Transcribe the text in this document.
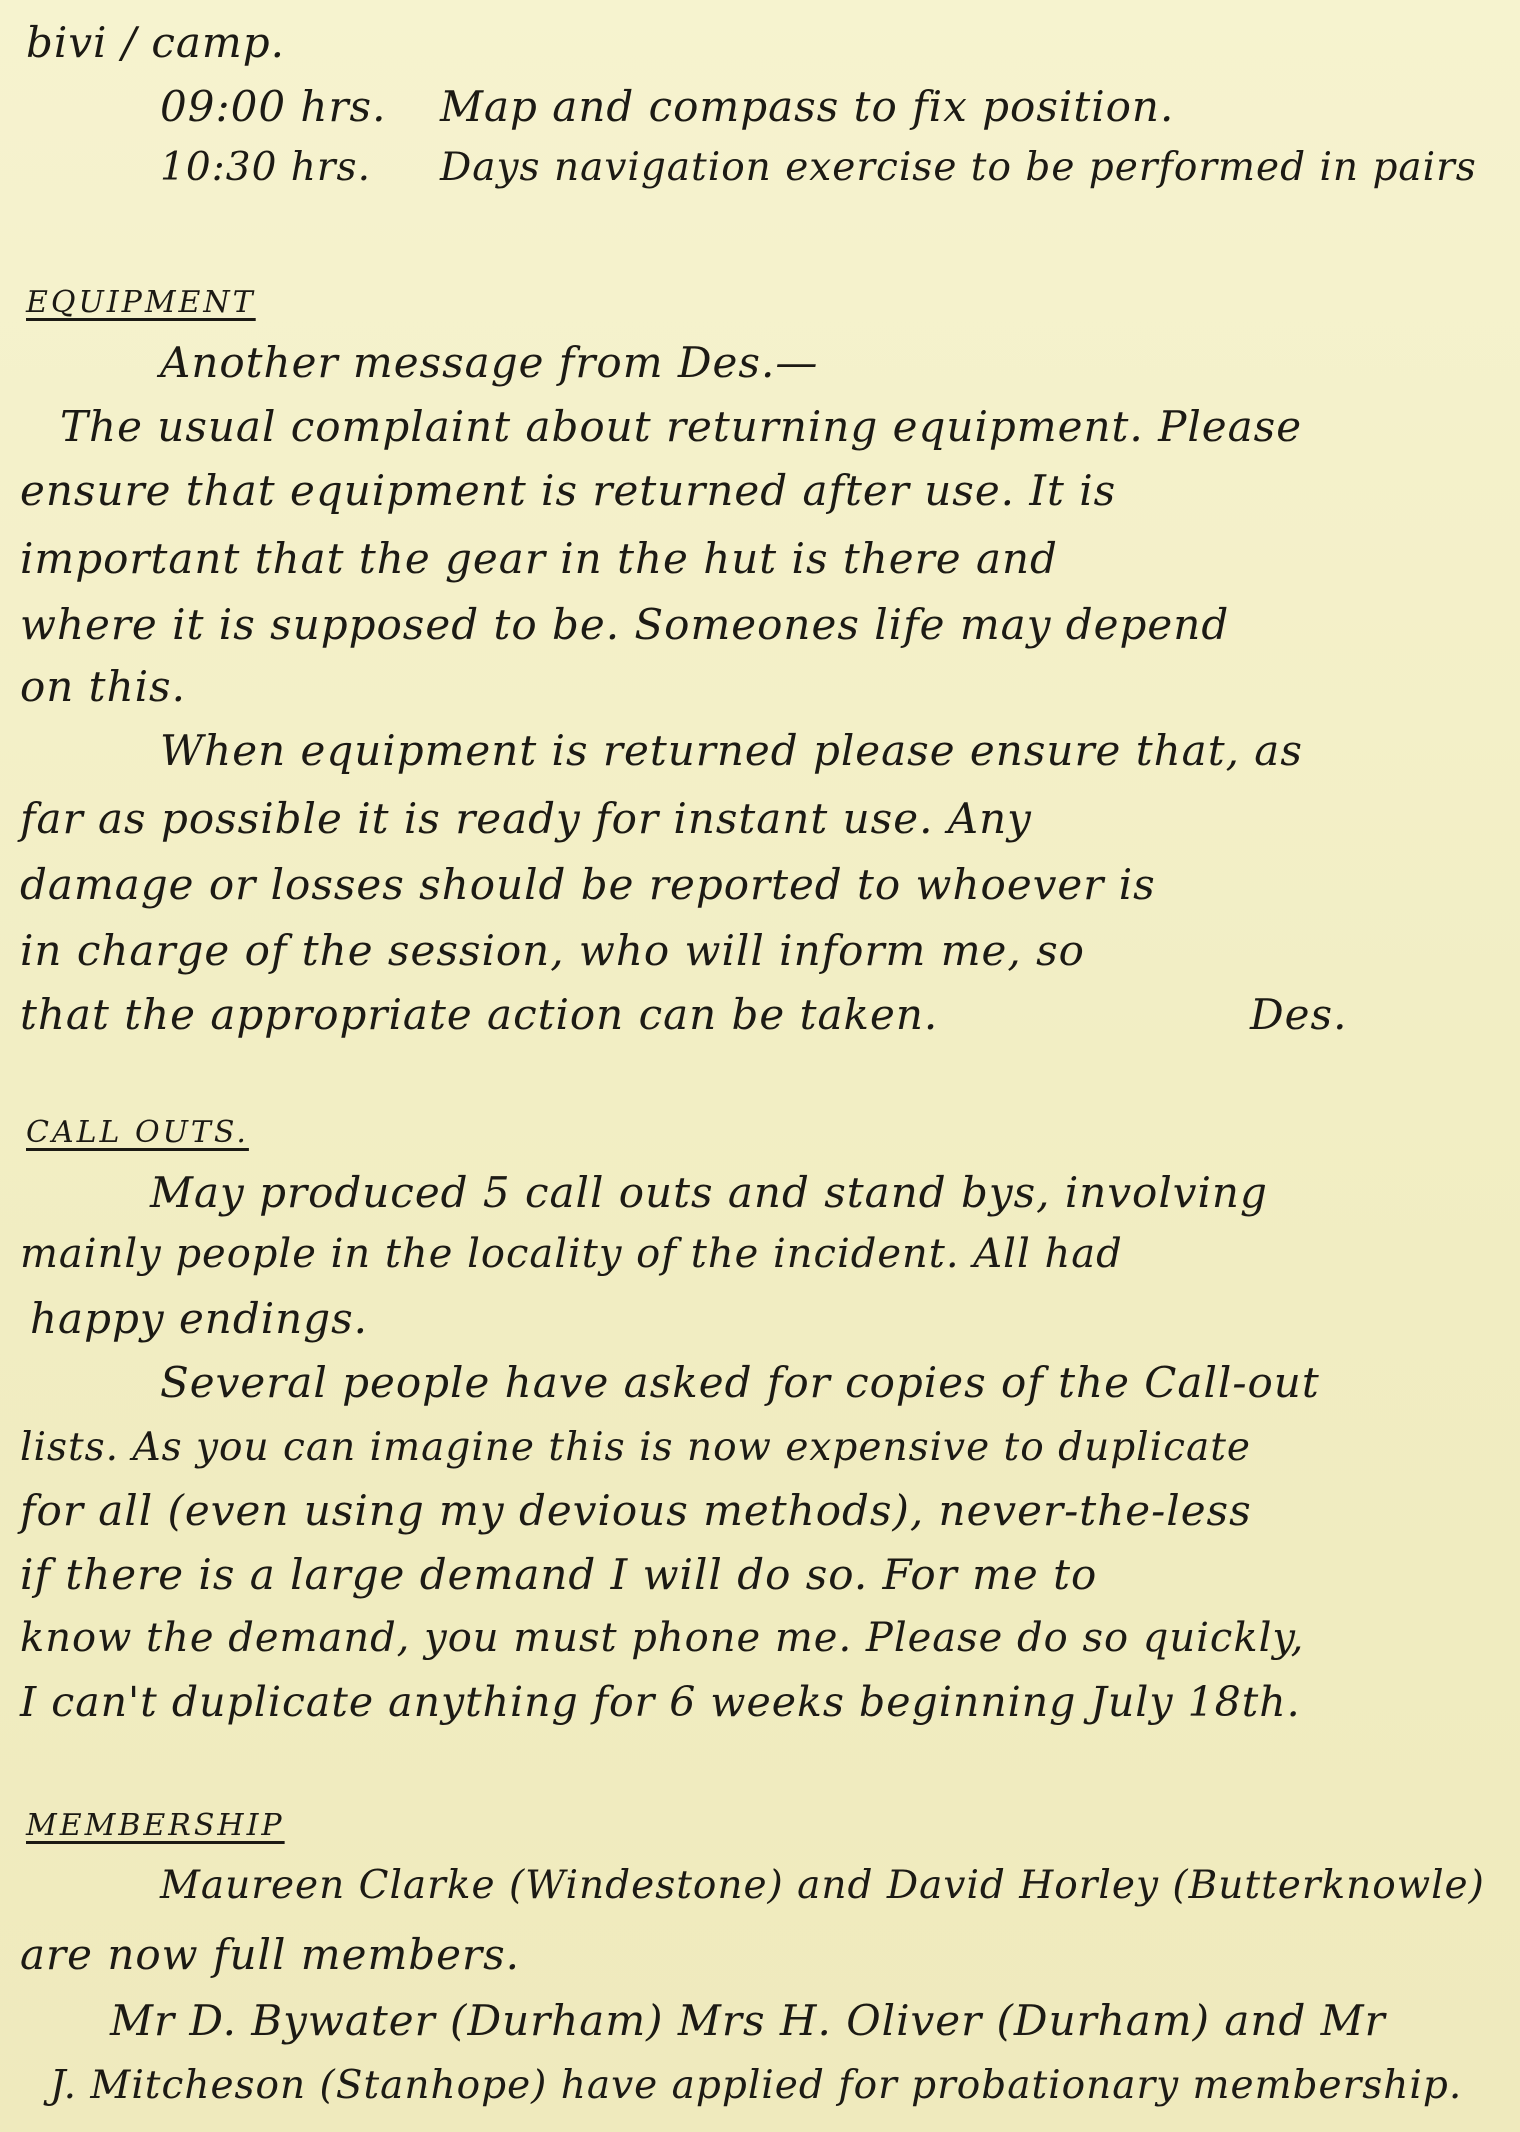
bivi / camp.
09:00 hrs. Map and compass to fix position.
10:30 hrs. Days navigation exercise to be performed in pairs
EQUIPMENT
Another message from Des.—
The usual complaint about returning equipment. Please
ensure that equipment is returned after use. It is
important that the gear in the hut is there and
where it is supposed to be. Someones life may depend
on this.
When equipment is returned please ensure that, as
far as possible it is ready for instant use. Any
damage or losses should be reported to whoever is
in charge of the session, who will inform me, so
that the appropriate action can be taken.	Des.
CALL OUTS.
May produced 5 call outs and stand bys, involving
mainly people in the locality of the incident. All had
happy endings.
Several people have asked for copies of the Call-out
lists. As you can imagine this is now expensive to duplicate
for all (even using my devious methods), never-the-less
if there is a large demand I will do so. For me to
know the demand, you must phone me. Please do so quickly,
I can't duplicate anything for 6 weeks beginning July 18th.
MEMBERSHIP
Maureen Clarke (Windestone) and David Horley (Butterknowle)
are now full members.
Mr D. Bywater (Durham) Mrs H. Oliver (Durham) and Mr
J. Mitcheson (Stanhope) have applied for probationary membership.
